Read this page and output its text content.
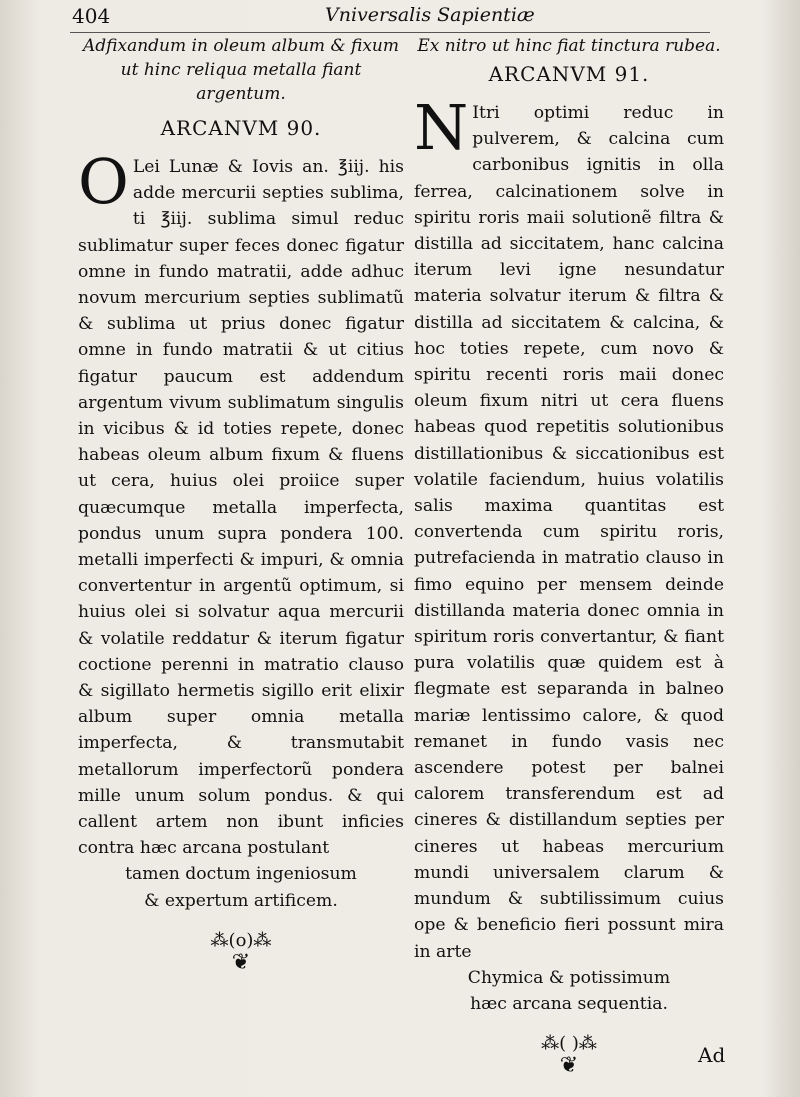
404	Vniversalis Sapientiæ

Adfixandum in oleum album & fixum ut hinc reliqua metalla fiant argentum.

ARCANVM 90.

O Lei Lunæ & Iovis an. ℥iij. his adde mercurii septies sublima, ti ℥iij. sublima simul reduc sublimatur super feces donec figatur omne in fundo matratii, adde adhuc novum mercurium septies sublimatũ & sublima ut prius donec figatur omne in fundo matratii & ut citius figatur paucum est addendum argentum vivum sublimatum singulis in vicibus & id toties repete, donec habeas oleum album fixum & fluens ut cera, huius olei proiice super quæcumque metalla imperfecta, pondus unum supra pondera 100. metalli imperfecti & impuri, & omnia convertentur in argentũ optimum, si huius olei si solvatur aqua mercurii & volatile reddatur & iterum figatur coctione perenni in matratio clauso & sigillato hermetis sigillo erit elixir album super omnia metalla imperfecta, & transmutabit metallorum imperfectorũ pondera mille unum solum pondus. & qui callent artem non ibunt inficies contra hæc arcana postulant

tamen doctum ingeniosum & expertum artificem.

⁂(o)⁂
❦

Ex nitro ut hinc fiat tinctura rubea.

ARCANVM 91.

N Itri optimi reduc in pulverem, & calcina cum carbonibus ignitis in olla ferrea, calcinationem solve in spiritu roris maii solutionẽ filtra & distilla ad siccitatem, hanc calcina iterum levi igne nesundatur materia solvatur iterum & filtra & distilla ad siccitatem & calcina, & hoc toties repete, cum novo & spiritu recenti roris maii donec oleum fixum nitri ut cera fluens habeas quod repetitis solutionibus distillationibus & siccationibus est volatile faciendum, huius volatilis salis maxima quantitas est convertenda cum spiritu roris, putrefacienda in matratio clauso in fimo equino per mensem deinde distillanda materia donec omnia in spiritum roris convertantur, & fiant pura volatilis quæ quidem est à flegmate est separanda in balneo mariæ lentissimo calore, & quod remanet in fundo vasis nec ascendere potest per balnei calorem transferendum est ad cineres & distillandum septies per cineres ut habeas mercurium mundi universalem clarum & mundum & subtilissimum cuius ope & beneficio fieri possunt mira in arte

Chymica & potissimum hæc arcana sequentia.

⁂( )⁂
❦	Ad
